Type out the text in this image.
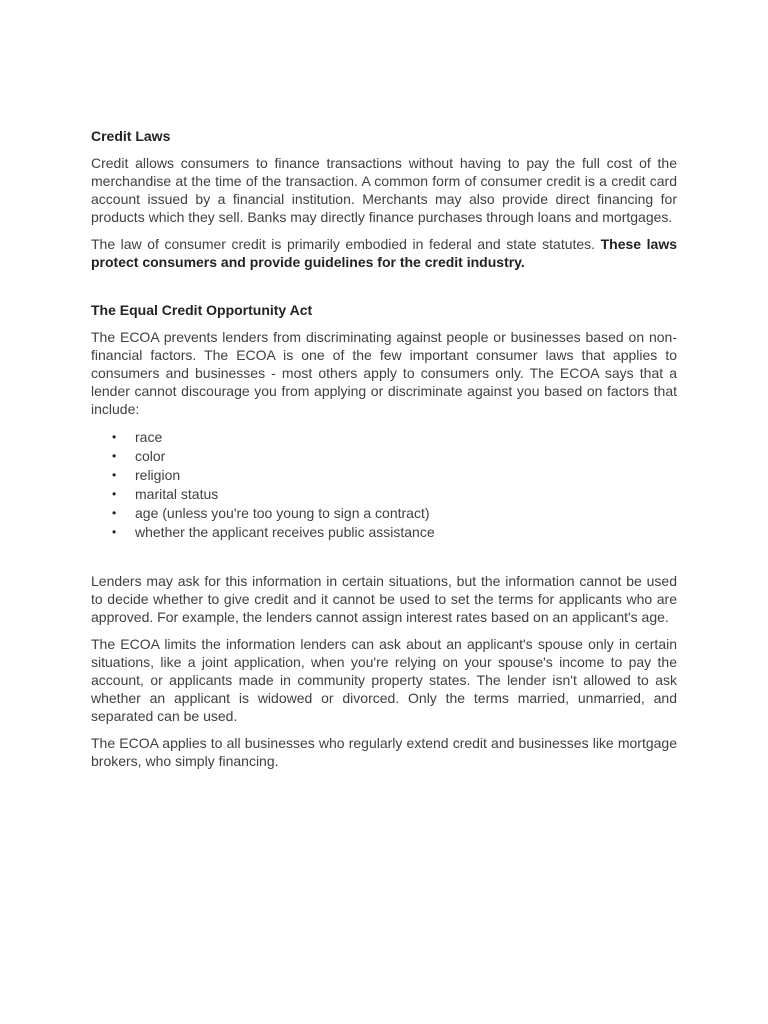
Credit Laws

Credit allows consumers to finance transactions without having to pay the full cost of the merchandise at the time of the transaction. A common form of consumer credit is a credit card account issued by a financial institution. Merchants may also provide direct financing for products which they sell. Banks may directly finance purchases through loans and mortgages.

The law of consumer credit is primarily embodied in federal and state statutes. These laws protect consumers and provide guidelines for the credit industry.

The Equal Credit Opportunity Act

The ECOA prevents lenders from discriminating against people or businesses based on non-financial factors. The ECOA is one of the few important consumer laws that applies to consumers and businesses - most others apply to consumers only. The ECOA says that a lender cannot discourage you from applying or discriminate against you based on factors that include:

• race
• color
• religion
• marital status
• age (unless you're too young to sign a contract)
• whether the applicant receives public assistance

Lenders may ask for this information in certain situations, but the information cannot be used to decide whether to give credit and it cannot be used to set the terms for applicants who are approved. For example, the lenders cannot assign interest rates based on an applicant's age.

The ECOA limits the information lenders can ask about an applicant's spouse only in certain situations, like a joint application, when you're relying on your spouse's income to pay the account, or applicants made in community property states. The lender isn't allowed to ask whether an applicant is widowed or divorced. Only the terms married, unmarried, and separated can be used.

The ECOA applies to all businesses who regularly extend credit and businesses like mortgage brokers, who simply financing.
